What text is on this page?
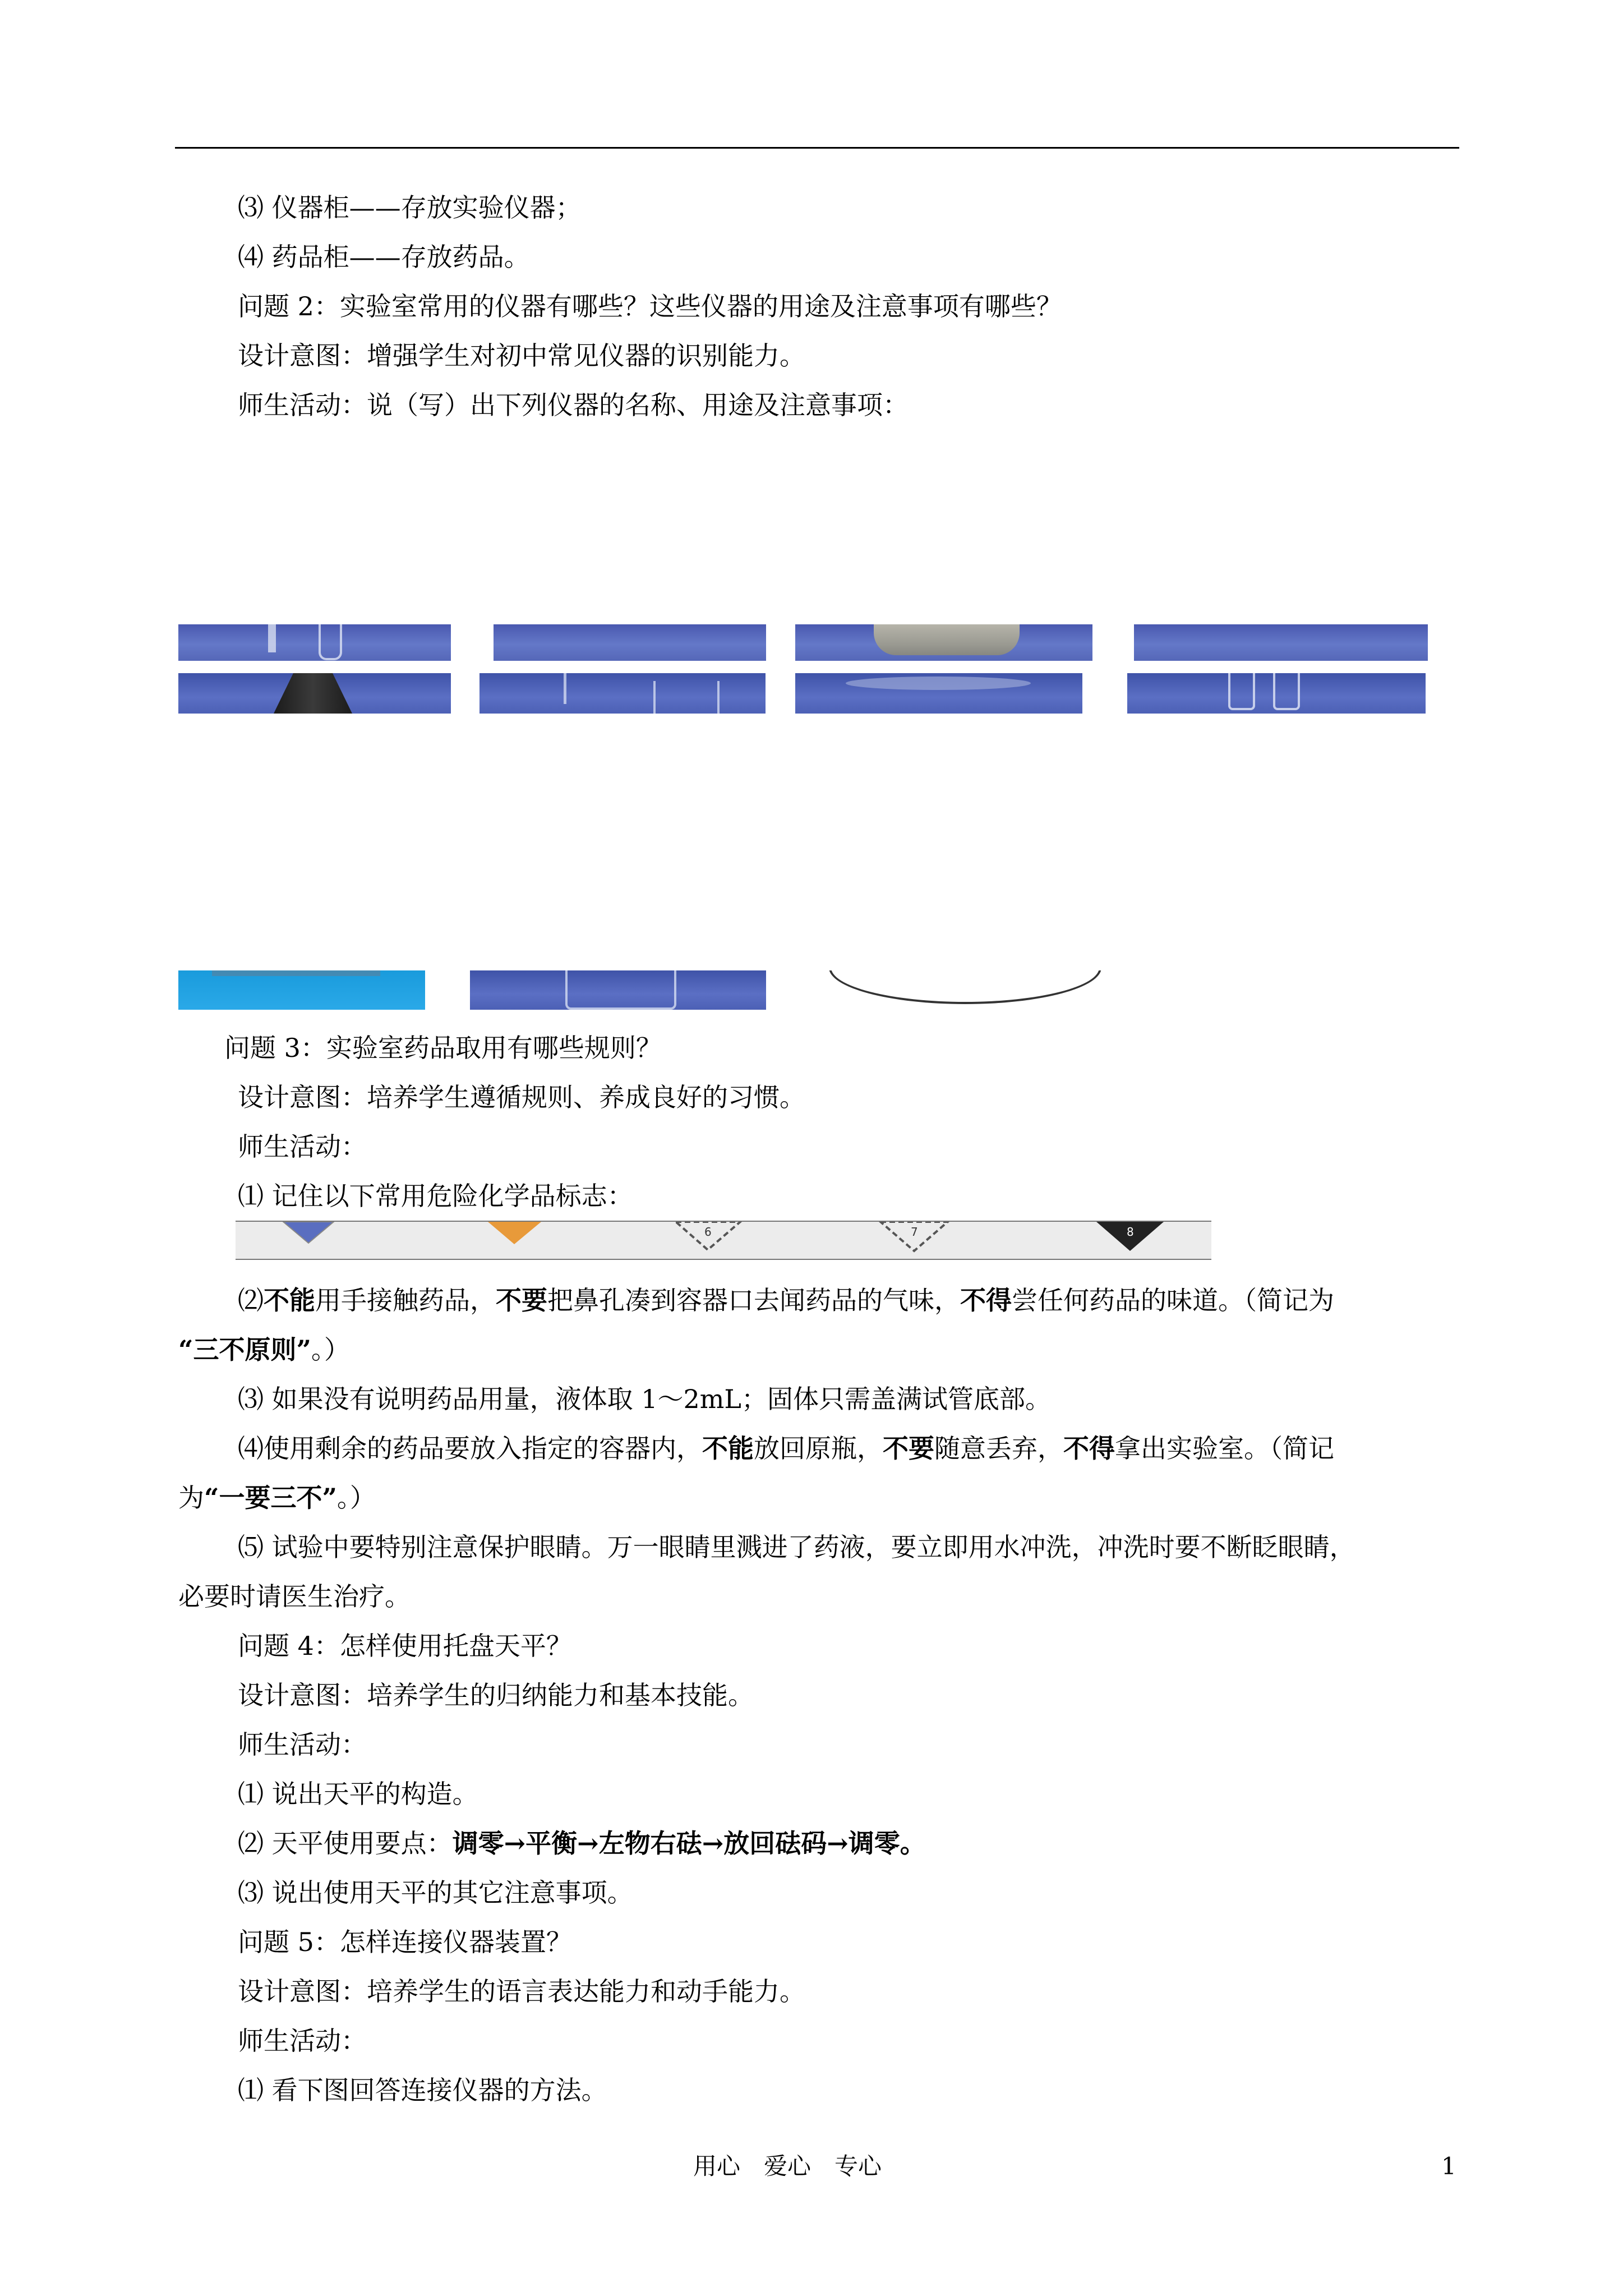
⑶ 仪器柜——存放实验仪器；
⑷ 药品柜——存放药品。
问题 2：实验室常用的仪器有哪些？这些仪器的用途及注意事项有哪些？
设计意图：增强学生对初中常见仪器的识别能力。
师生活动：说（写）出下列仪器的名称、用途及注意事项：
问题 3：实验室药品取用有哪些规则？
设计意图：培养学生遵循规则、养成良好的习惯。
师生活动：
⑴ 记住以下常用危险化学品标志：
6	7	8
⑵不能用手接触药品，不要把鼻孔凑到容器口去闻药品的气味，不得尝任何药品的味道。（简记为
“三不原则”。）
⑶ 如果没有说明药品用量，液体取 1～2mL；固体只需盖满试管底部。
⑷使用剩余的药品要放入指定的容器内，不能放回原瓶，不要随意丢弃，不得拿出实验室。（简记
为“一要三不”。）
⑸ 试验中要特别注意保护眼睛。万一眼睛里溅进了药液，要立即用水冲洗，冲洗时要不断眨眼睛，
必要时请医生治疗。
问题 4：怎样使用托盘天平？
设计意图：培养学生的归纳能力和基本技能。
师生活动：
⑴ 说出天平的构造。
⑵ 天平使用要点：调零→平衡→左物右砝→放回砝码→调零。
⑶ 说出使用天平的其它注意事项。
问题 5：怎样连接仪器装置？
设计意图：培养学生的语言表达能力和动手能力。
师生活动：
⑴ 看下图回答连接仪器的方法。
用心　爱心　专心	1
